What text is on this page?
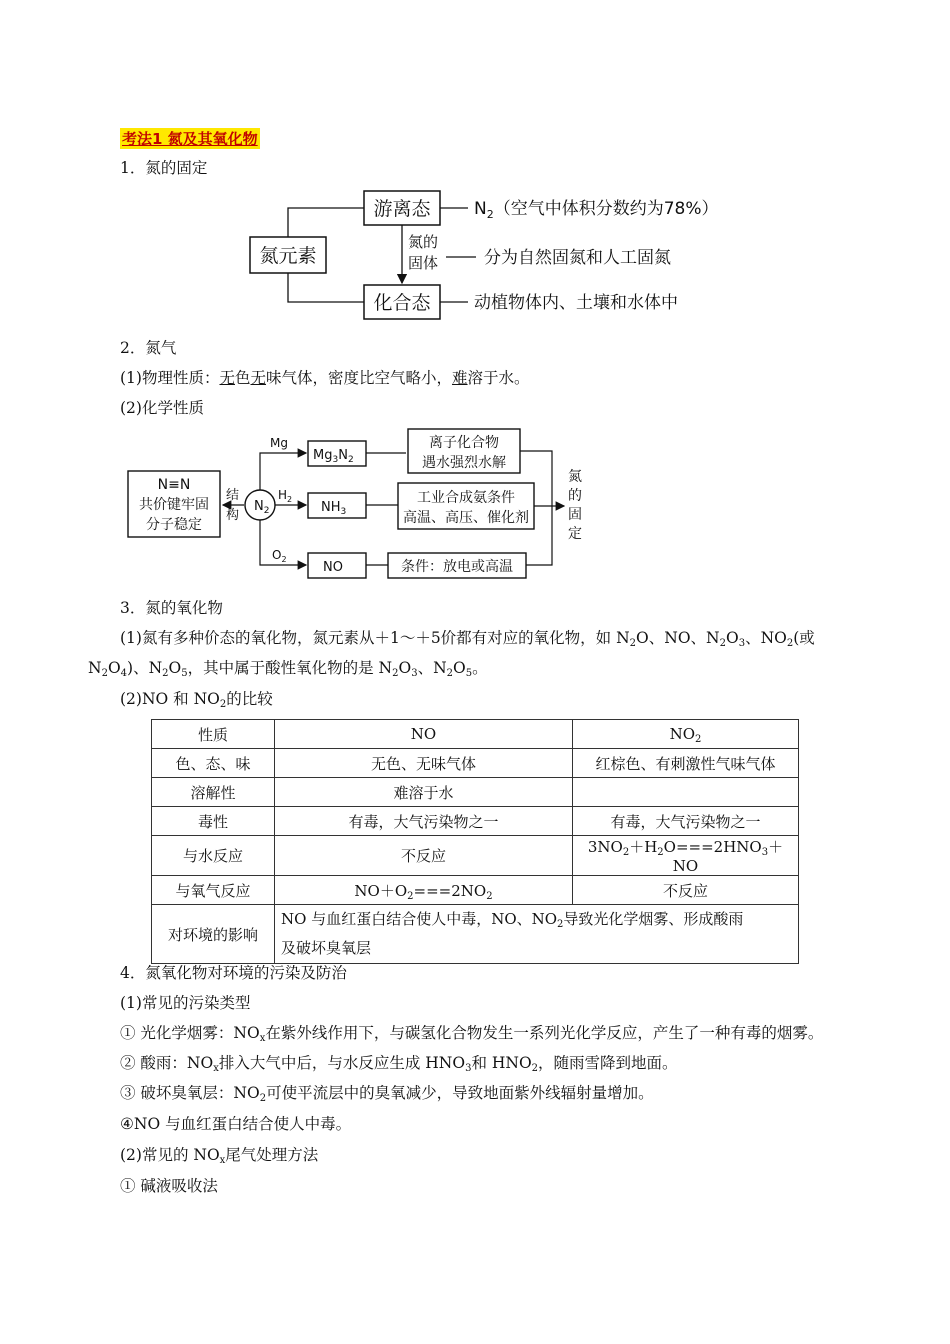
考法1 氮及其氧化物
1．氮的固定
氮元素
游离态
化合态
氮的
固体
$N_2$（空气中体积分数约为78%）
分为自然固氮和人工固氮
动植物体内、土壤和水体中
2．氮气
(1)物理性质：无色无味气体，密度比空气略小，难溶于水。
(2)化学性质
N≡N
共价键牢固
分子稳定
结
构
$N_2$
Mg
$H_2$
$O_2$
$Mg_3N_2$
$NH_3$
NO
离子化合物
遇水强烈水解
工业合成氨条件
高温、高压、催化剂
条件：放电或高温
氮
的
固
定
3．氮的氧化物
(1)氮有多种价态的氧化物，氮元素从＋1～＋5价都有对应的氧化物，如 $N_2O$、NO、$N_2O_3$、$NO_2$(或
$N_2O_4$)、$N_2O_5$，其中属于酸性氧化物的是 $N_2O_3$、$N_2O_5$。
(2)NO 和 $NO_2$的比较
性质	NO	$NO_2$
色、态、味	无色、无味气体	红棕色、有刺激性气味气体
溶解性	难溶于水	
毒性	有毒，大气污染物之一	有毒，大气污染物之一
与水反应	不反应	$3NO_2+H_2O===2HNO_3+NO$
与氧气反应	$NO+O_2===2NO_2$	不反应
对环境的影响	NO 与血红蛋白结合使人中毒，NO、$NO_2$导致光化学烟雾、形成酸雨
及破坏臭氧层	
4．氮氧化物对环境的污染及防治
(1)常见的污染类型
① 光化学烟雾：$NO_x$在紫外线作用下，与碳氢化合物发生一系列光化学反应，产生了一种有毒的烟雾。
② 酸雨：$NO_x$排入大气中后，与水反应生成 $HNO_3$和 $HNO_2$，随雨雪降到地面。
③ 破坏臭氧层：$NO_2$可使平流层中的臭氧减少，导致地面紫外线辐射量增加。
④NO 与血红蛋白结合使人中毒。
(2)常见的 $NO_x$尾气处理方法
① 碱液吸收法
